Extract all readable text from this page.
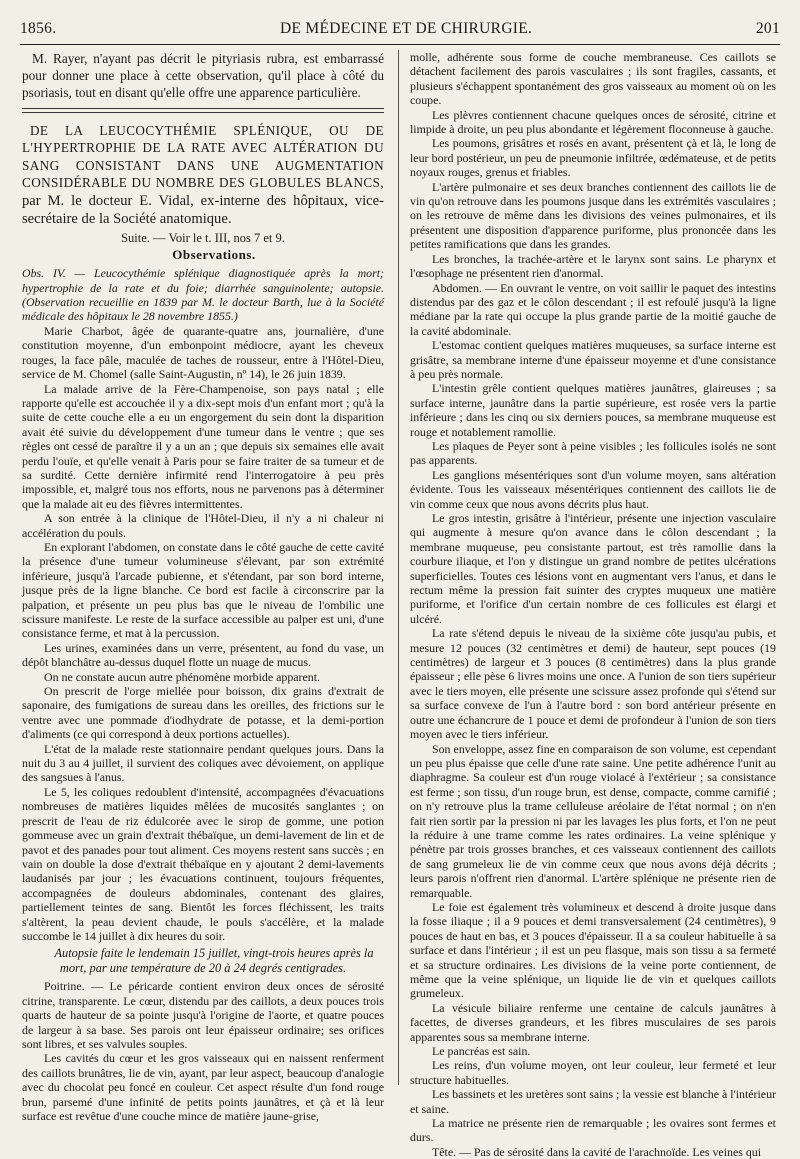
1856.	DE MÉDECINE ET DE CHIRURGIE.	201

M. Rayer, n'ayant pas décrit le pityriasis rubra, est embarrassé pour donner une place à cette observation, qu'il place à côté du psoriasis, tout en disant qu'elle offre une apparence particulière.

DE LA LEUCOCYTHÉMIE SPLÉNIQUE, OU DE L'HYPERTROPHIE DE LA RATE AVEC ALTÉRATION DU SANG CONSISTANT DANS UNE AUGMENTATION CONSIDÉRABLE DU NOMBRE DES GLOBULES BLANCS, par M. le docteur E. Vidal, ex-interne des hôpitaux, vice-secrétaire de la Société anatomique.

Suite. — Voir le t. III, nos 7 et 9.

Observations.

Obs. IV. — Leucocythémie splénique diagnostiquée après la mort; hypertrophie de la rate et du foie; diarrhée sanguinolente; autopsie. (Observation recueillie en 1839 par M. le docteur Barth, lue à la Société médicale des hôpitaux le 28 novembre 1855.)

Marie Charbot, âgée de quarante-quatre ans, journalière, d'une constitution moyenne, d'un embonpoint médiocre, ayant les cheveux rouges, la face pâle, maculée de taches de rousseur, entre à l'Hôtel-Dieu, service de M. Chomel (salle Saint-Augustin, nº 14), le 26 juin 1839.

La malade arrive de la Fère-Champenoise, son pays natal ; elle rapporte qu'elle est accouchée il y a dix-sept mois d'un enfant mort ; qu'à la suite de cette couche elle a eu un engorgement du sein dont la disparition avait été suivie du développement d'une tumeur dans le ventre ; que ses règles ont cessé de paraître il y a un an ; que depuis six semaines elle avait perdu l'ouïe, et qu'elle venait à Paris pour se faire traiter de sa tumeur et de sa surdité. Cette dernière infirmité rend l'interrogatoire à peu près impossible, et, malgré tous nos efforts, nous ne parvenons pas à déterminer que la malade ait eu des fièvres intermittentes.

A son entrée à la clinique de l'Hôtel-Dieu, il n'y a ni chaleur ni accélération du pouls.

En explorant l'abdomen, on constate dans le côté gauche de cette cavité la présence d'une tumeur volumineuse s'élevant, par son extrémité inférieure, jusqu'à l'arcade pubienne, et s'étendant, par son bord interne, jusque près de la ligne blanche. Ce bord est facile à circonscrire par la palpation, et présente un peu plus bas que le niveau de l'ombilic une scissure manifeste. Le reste de la surface accessible au palper est uni, d'une consistance ferme, et mat à la percussion.

Les urines, examinées dans un verre, présentent, au fond du vase, un dépôt blanchâtre au-dessus duquel flotte un nuage de mucus.

On ne constate aucun autre phénomène morbide apparent.

On prescrit de l'orge miellée pour boisson, dix grains d'extrait de saponaire, des fumigations de sureau dans les oreilles, des frictions sur le ventre avec une pommade d'iodhydrate de potasse, et la demi-portion d'aliments (ce qui correspond à deux portions actuelles).

L'état de la malade reste stationnaire pendant quelques jours. Dans la nuit du 3 au 4 juillet, il survient des coliques avec dévoiement, on applique des sangsues à l'anus.

Le 5, les coliques redoublent d'intensité, accompagnées d'évacuations nombreuses de matières liquides mêlées de mucosités sanglantes ; on prescrit de l'eau de riz édulcorée avec le sirop de gomme, une potion gommeuse avec un grain d'extrait thébaïque, un demi-lavement de lin et de pavot et des panades pour tout aliment. Ces moyens restent sans succès ; en vain on double la dose d'extrait thébaïque en y ajoutant 2 demi-lavements laudanisés par jour ; les évacuations continuent, toujours fréquentes, accompagnées de douleurs abdominales, contenant des glaires, partiellement teintes de sang. Bientôt les forces fléchissent, les traits s'altèrent, la peau devient chaude, le pouls s'accélère, et la malade succombe le 14 juillet à dix heures du soir.

Autopsie faite le lendemain 15 juillet, vingt-trois heures après la mort, par une température de 20 à 24 degrés centigrades.

Poitrine. — Le péricarde contient environ deux onces de sérosité citrine, transparente. Le cœur, distendu par des caillots, a deux pouces trois quarts de hauteur de sa pointe jusqu'à l'origine de l'aorte, et quatre pouces de largeur à sa base. Ses parois ont leur épaisseur ordinaire; ses orifices sont libres, et ses valvules souples.

Les cavités du cœur et les gros vaisseaux qui en naissent renferment des caillots brunâtres, lie de vin, ayant, par leur aspect, beaucoup d'analogie avec du chocolat peu foncé en couleur. Cet aspect résulte d'un fond rouge brun, parsemé d'une infinité de petits points jaunâtres, et çà et là leur surface est revêtue d'une couche mince de matière jaune-grise,

molle, adhérente sous forme de couche membraneuse. Ces caillots se détachent facilement des parois vasculaires ; ils sont fragiles, cassants, et plusieurs s'échappent spontanément des gros vaisseaux au moment où on les coupe.

Les plèvres contiennent chacune quelques onces de sérosité, citrine et limpide à droite, un peu plus abondante et légèrement floconneuse à gauche.

Les poumons, grisâtres et rosés en avant, présentent çà et là, le long de leur bord postérieur, un peu de pneumonie infiltrée, œdémateuse, et de petits noyaux rouges, grenus et friables.

L'artère pulmonaire et ses deux branches contiennent des caillots lie de vin qu'on retrouve dans les poumons jusque dans les extrémités vasculaires ; on les retrouve de même dans les divisions des veines pulmonaires, et ils présentent une disposition d'apparence puriforme, plus prononcée dans les petites ramifications que dans les grandes.

Les bronches, la trachée-artère et le larynx sont sains. Le pharynx et l'œsophage ne présentent rien d'anormal.

Abdomen. — En ouvrant le ventre, on voit saillir le paquet des intestins distendus par des gaz et le côlon descendant ; il est refoulé jusqu'à la ligne médiane par la rate qui occupe la plus grande partie de la moitié gauche de la cavité abdominale.

L'estomac contient quelques matières muqueuses, sa surface interne est grisâtre, sa membrane interne d'une épaisseur moyenne et d'une consistance à peu près normale.

L'intestin grêle contient quelques matières jaunâtres, glaireuses ; sa surface interne, jaunâtre dans la partie supérieure, est rosée vers la partie inférieure ; dans les cinq ou six derniers pouces, sa membrane muqueuse est rouge et notablement ramollie.

Les plaques de Peyer sont à peine visibles ; les follicules isolés ne sont pas apparents.

Les ganglions mésentériques sont d'un volume moyen, sans altération évidente. Tous les vaisseaux mésentériques contiennent des caillots lie de vin comme ceux que nous avons décrits plus haut.

Le gros intestin, grisâtre à l'intérieur, présente une injection vasculaire qui augmente à mesure qu'on avance dans le côlon descendant ; la membrane muqueuse, peu consistante partout, est très ramollie dans la courbure iliaque, et l'on y distingue un grand nombre de petites ulcérations superficielles. Toutes ces lésions vont en augmentant vers l'anus, et dans le rectum même la pression fait suinter des cryptes muqueux une matière puriforme, et l'orifice d'un certain nombre de ces follicules est élargi et ulcéré.

La rate s'étend depuis le niveau de la sixième côte jusqu'au pubis, et mesure 12 pouces (32 centimètres et demi) de hauteur, sept pouces (19 centimètres) de largeur et 3 pouces (8 centimètres) dans la plus grande épaisseur ; elle pèse 6 livres moins une once. A l'union de son tiers supérieur avec le tiers moyen, elle présente une scissure assez profonde qui s'étend sur sa surface convexe de l'un à l'autre bord : son bord antérieur présente en outre une échancrure de 1 pouce et demi de profondeur à l'union de son tiers moyen avec le tiers inférieur.

Son enveloppe, assez fine en comparaison de son volume, est cependant un peu plus épaisse que celle d'une rate saine. Une petite adhérence l'unit au diaphragme. Sa couleur est d'un rouge violacé à l'extérieur ; sa consistance est ferme ; son tissu, d'un rouge brun, est dense, compacte, comme carnifié ; on n'y retrouve plus la trame celluleuse aréolaire de l'état normal ; on n'en fait rien sortir par la pression ni par les lavages les plus forts, et l'on ne peut la réduire à une trame comme les rates ordinaires. La veine splénique y pénètre par trois grosses branches, et ces vaisseaux contiennent des caillots de sang grumeleux lie de vin comme ceux que nous avons déjà décrits ; leurs parois n'offrent rien d'anormal. L'artère splénique ne présente rien de remarquable.

Le foie est également très volumineux et descend à droite jusque dans la fosse iliaque ; il a 9 pouces et demi transversalement (24 centimètres), 9 pouces de haut en bas, et 3 pouces d'épaisseur. Il a sa couleur habituelle à sa surface et dans l'intérieur ; il est un peu flasque, mais son tissu a sa fermeté et sa structure ordinaires. Les divisions de la veine porte contiennent, de même que la veine splénique, un liquide lie de vin et quelques caillots grumeleux.

La vésicule biliaire renferme une centaine de calculs jaunâtres à facettes, de diverses grandeurs, et les fibres musculaires de ses parois apparentes sous sa membrane interne.

Le pancréas est sain.

Les reins, d'un volume moyen, ont leur couleur, leur fermeté et leur structure habituelles.

Les bassinets et les uretères sont sains ; la vessie est blanche à l'intérieur et saine.

La matrice ne présente rien de remarquable ; les ovaires sont fermes et durs.

Tête. — Pas de sérosité dans la cavité de l'arachnoïde. Les veines qui
